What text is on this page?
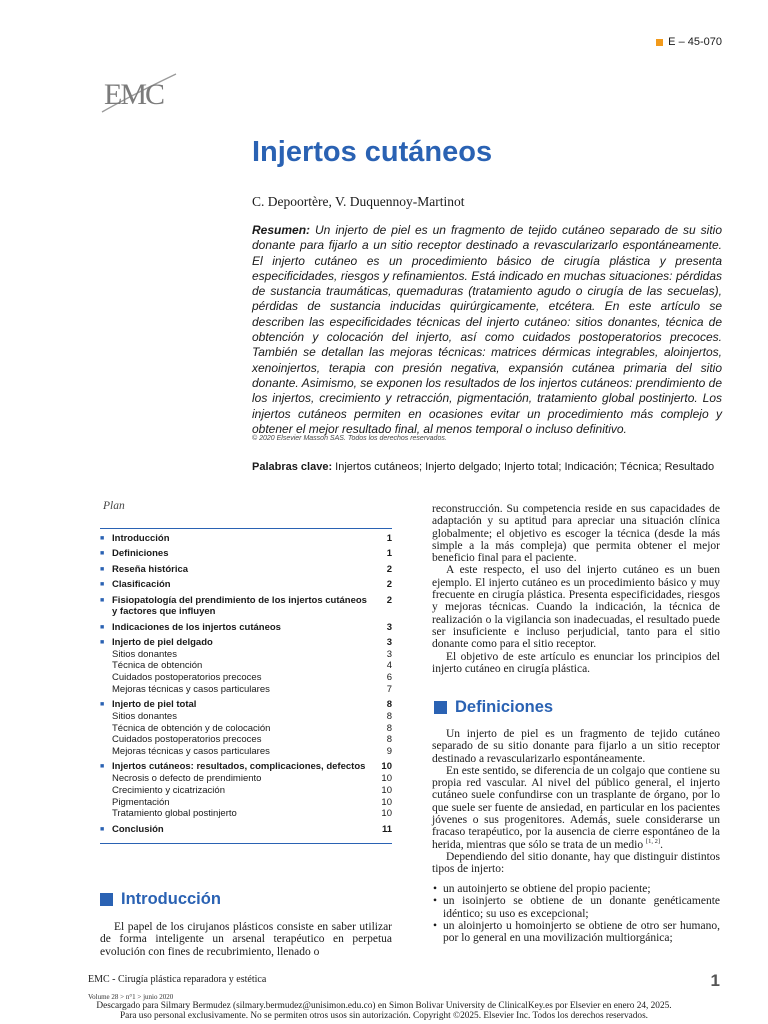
E – 45-070
EMC
Injertos cutáneos
C. Depoortère, V. Duquennoy-Martinot
Resumen: Un injerto de piel es un fragmento de tejido cutáneo separado de su sitio donante para fijarlo a un sitio receptor destinado a revascularizarlo espontáneamente. El injerto cutáneo es un procedimiento básico de cirugía plástica y presenta especificidades, riesgos y refinamientos. Está indicado en muchas situaciones: pérdidas de sustancia traumáticas, quemaduras (tratamiento agudo o cirugía de las secuelas), pérdidas de sustancia inducidas quirúrgicamente, etcétera. En este artículo se describen las especificidades técnicas del injerto cutáneo: sitios donantes, técnica de obtención y colocación del injerto, así como cuidados postoperatorios precoces. También se detallan las mejoras técnicas: matrices dérmicas integrables, aloinjertos, xenoinjertos, terapia con presión negativa, expansión cutánea primaria del sitio donante. Asimismo, se exponen los resultados de los injertos cutáneos: prendimiento de los injertos, crecimiento y retracción, pigmentación, tratamiento global postinjerto. Los injertos cutáneos permiten en ocasiones evitar un procedimiento más complejo y obtener el mejor resultado final, al menos temporal o incluso definitivo.
© 2020 Elsevier Masson SAS. Todos los derechos reservados.
Palabras clave: Injertos cutáneos; Injerto delgado; Injerto total; Indicación; Técnica; Resultado
Plan
■ Introducción	1
■ Definiciones	1
■ Reseña histórica	2
■ Clasificación	2
■ Fisiopatología del prendimiento de los injertos cutáneos y factores que influyen
2
■ Indicaciones de los injertos cutáneos	3
■ Injerto de piel delgado	3
Sitios donantes	3
Técnica de obtención	4
Cuidados postoperatorios precoces	6
Mejoras técnicas y casos particulares	7
■ Injerto de piel total	8
Sitios donantes	8
Técnica de obtención y de colocación	8
Cuidados postoperatorios precoces	8
Mejoras técnicas y casos particulares	9
■ Injertos cutáneos: resultados, complicaciones, defectos	10
Necrosis o defecto de prendimiento	10
Crecimiento y cicatrización	10
Pigmentación	10
Tratamiento global postinjerto	10
■ Conclusión	11
Introducción

El papel de los cirujanos plásticos consiste en saber utilizar de forma inteligente un arsenal terapéutico en perpetua evolución con fines de recubrimiento, llenado o

reconstrucción. Su competencia reside en sus capacidades de adaptación y su aptitud para apreciar una situación clínica globalmente; el objetivo es escoger la técnica (desde la más simple a la más compleja) que permita obtener el mejor beneficio final para el paciente.

A este respecto, el uso del injerto cutáneo es un buen ejemplo. El injerto cutáneo es un procedimiento básico y muy frecuente en cirugía plástica. Presenta especificidades, riesgos y mejoras técnicas. Cuando la indicación, la técnica de realización o la vigilancia son inadecuadas, el resultado puede ser insuficiente e incluso perjudicial, tanto para el sitio donante como para el sitio receptor.

El objetivo de este artículo es enunciar los principios del injerto cutáneo en cirugía plástica.

Definiciones

Un injerto de piel es un fragmento de tejido cutáneo separado de su sitio donante para fijarlo a un sitio receptor destinado a revascularizarlo espontáneamente.

En este sentido, se diferencia de un colgajo que contiene su propia red vascular. Al nivel del público general, el injerto cutáneo suele confundirse con un trasplante de órgano, por lo que suele ser fuente de ansiedad, en particular en los pacientes jóvenes o sus progenitores. Además, suele considerarse un fracaso terapéutico, por la ausencia de cierre espontáneo de la herida, mientras que sólo se trata de un medio [1, 2].

Dependiendo del sitio donante, hay que distinguir distintos tipos de injerto:

• un autoinjerto se obtiene del propio paciente;
• un isoinjerto se obtiene de un donante genéticamente idéntico; su uso es excepcional;
• un aloinjerto u homoinjerto se obtiene de otro ser humano, por lo general en una movilización multiorgánica;
EMC - Cirugía plástica reparadora y estética
Volume 28 > n°1 > junio 2020
1
Descargado para Silmary Bermudez (silmary.bermudez@unisimon.edu.co) en Simon Bolivar University de ClinicalKey.es por Elsevier en enero 24, 2025.
Para uso personal exclusivamente. No se permiten otros usos sin autorización. Copyright ©2025. Elsevier Inc. Todos los derechos reservados.
